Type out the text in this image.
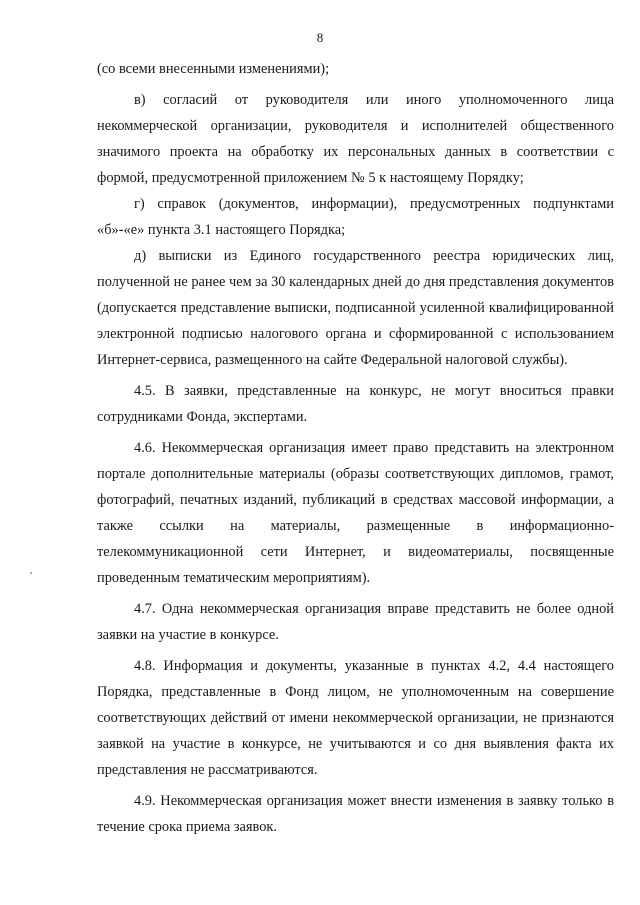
8

(со всеми внесенными изменениями);

в) согласий от руководителя или иного уполномоченного лица некоммерческой организации, руководителя и исполнителей общественного значимого проекта на обработку их персональных данных в соответствии с формой, предусмотренной приложением № 5 к настоящему Порядку;

г) справок (документов, информации), предусмотренных подпунктами «б»-«е» пункта 3.1 настоящего Порядка;

д) выписки из Единого государственного реестра юридических лиц, полученной не ранее чем за 30 календарных дней до дня представления документов (допускается представление выписки, подписанной усиленной квалифицированной электронной подписью налогового органа и сформированной с использованием Интернет-сервиса, размещенного на сайте Федеральной налоговой службы).

4.5. В заявки, представленные на конкурс, не могут вноситься правки сотрудниками Фонда, экспертами.

4.6. Некоммерческая организация имеет право представить на электронном портале дополнительные материалы (образы соответствующих дипломов, грамот, фотографий, печатных изданий, публикаций в средствах массовой информации, а также ссылки на материалы, размещенные в информационно-телекоммуникационной сети Интернет, и видеоматериалы, посвященные проведенным тематическим мероприятиям).

4.7. Одна некоммерческая организация вправе представить не более одной заявки на участие в конкурсе.

4.8. Информация и документы, указанные в пунктах 4.2, 4.4 настоящего Порядка, представленные в Фонд лицом, не уполномоченным на совершение соответствующих действий от имени некоммерческой организации, не признаются заявкой на участие в конкурсе, не учитываются и со дня выявления факта их представления не рассматриваются.

4.9. Некоммерческая организация может внести изменения в заявку только в течение срока приема заявок.
